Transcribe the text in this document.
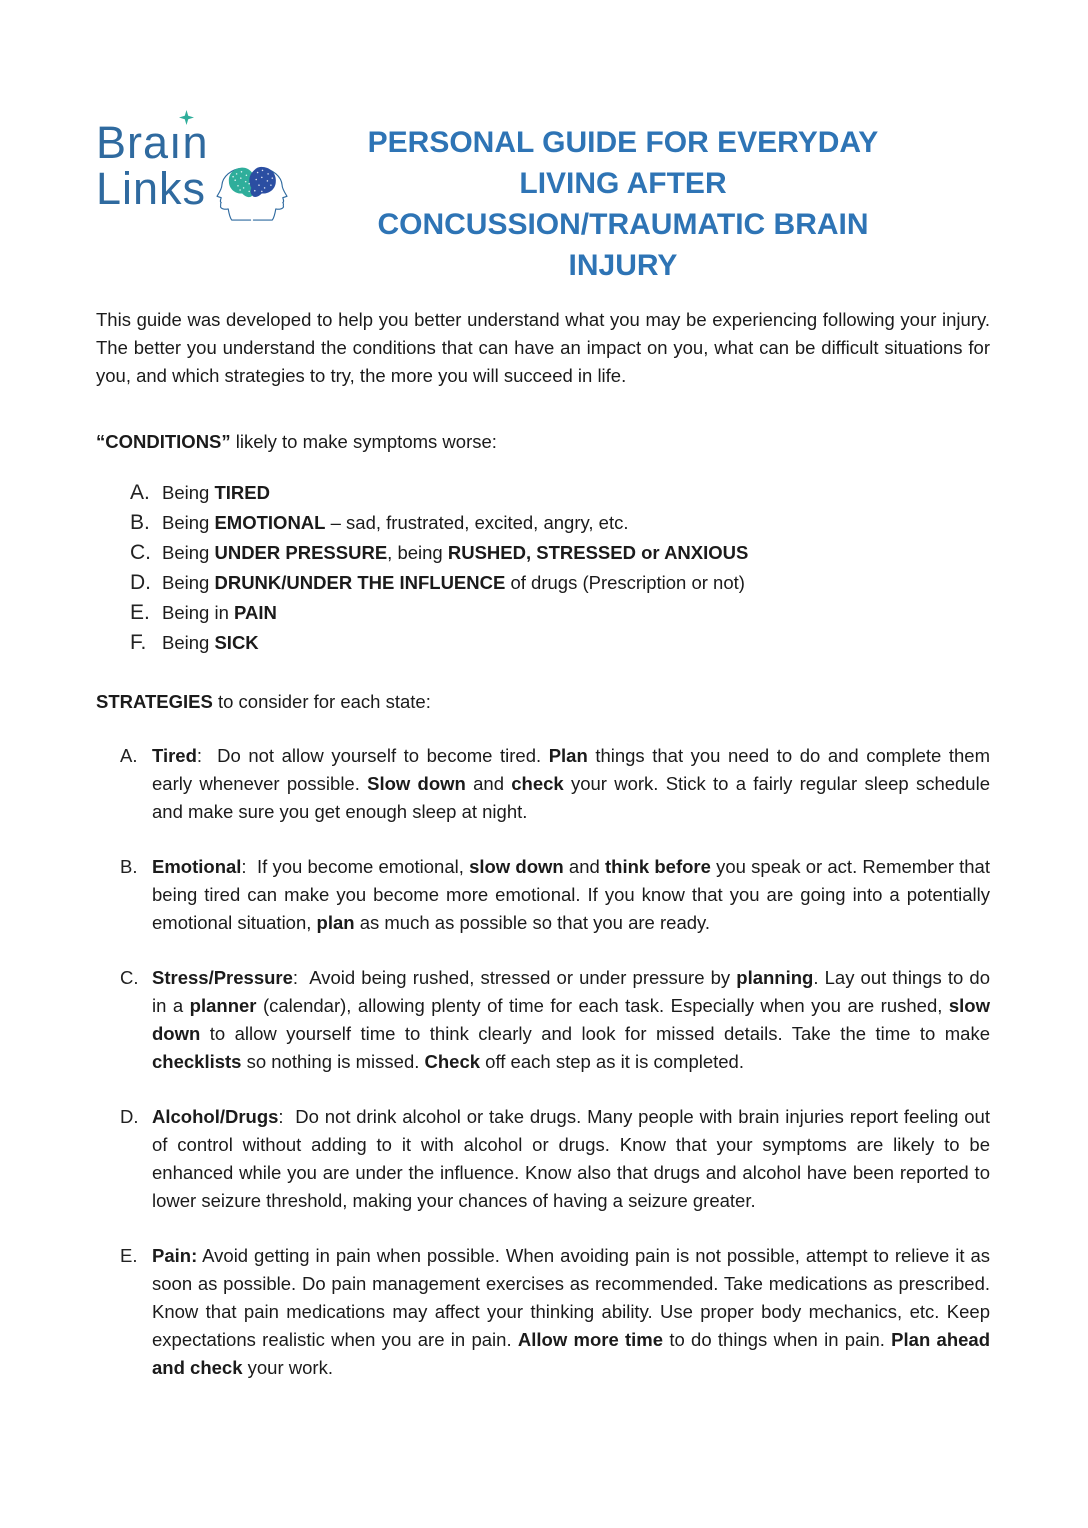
Braın
Links
PERSONAL GUIDE FOR EVERYDAY LIVING AFTER
CONCUSSION/TRAUMATIC BRAIN INJURY

This guide was developed to help you better understand what you may be experiencing following your injury. The better you understand the conditions that can have an impact on you, what can be difficult situations for you, and which strategies to try, the more you will succeed in life.

“CONDITIONS” likely to make symptoms worse:

A. Being TIRED
B. Being EMOTIONAL – sad, frustrated, excited, angry, etc.
C. Being UNDER PRESSURE, being RUSHED, STRESSED or ANXIOUS
D. Being DRUNK/UNDER THE INFLUENCE of drugs (Prescription or not)
E. Being in PAIN
F. Being SICK

STRATEGIES to consider for each state:

A. Tired:  Do not allow yourself to become tired. Plan things that you need to do and complete them early whenever possible. Slow down and check your work. Stick to a fairly regular sleep schedule and make sure you get enough sleep at night.
B. Emotional:  If you become emotional, slow down and think before you speak or act. Remember that being tired can make you become more emotional. If you know that you are going into a potentially emotional situation, plan as much as possible so that you are ready.
C. Stress/Pressure:  Avoid being rushed, stressed or under pressure by planning. Lay out things to do in a planner (calendar), allowing plenty of time for each task. Especially when you are rushed, slow down to allow yourself time to think clearly and look for missed details. Take the time to make checklists so nothing is missed. Check off each step as it is completed.
D. Alcohol/Drugs:  Do not drink alcohol or take drugs. Many people with brain injuries report feeling out of control without adding to it with alcohol or drugs. Know that your symptoms are likely to be enhanced while you are under the influence. Know also that drugs and alcohol have been reported to lower seizure threshold, making your chances of having a seizure greater.
E. Pain: Avoid getting in pain when possible. When avoiding pain is not possible, attempt to relieve it as soon as possible. Do pain management exercises as recommended. Take medications as prescribed. Know that pain medications may affect your thinking ability. Use proper body mechanics, etc. Keep expectations realistic when you are in pain. Allow more time to do things when in pain. Plan ahead and check your work.
